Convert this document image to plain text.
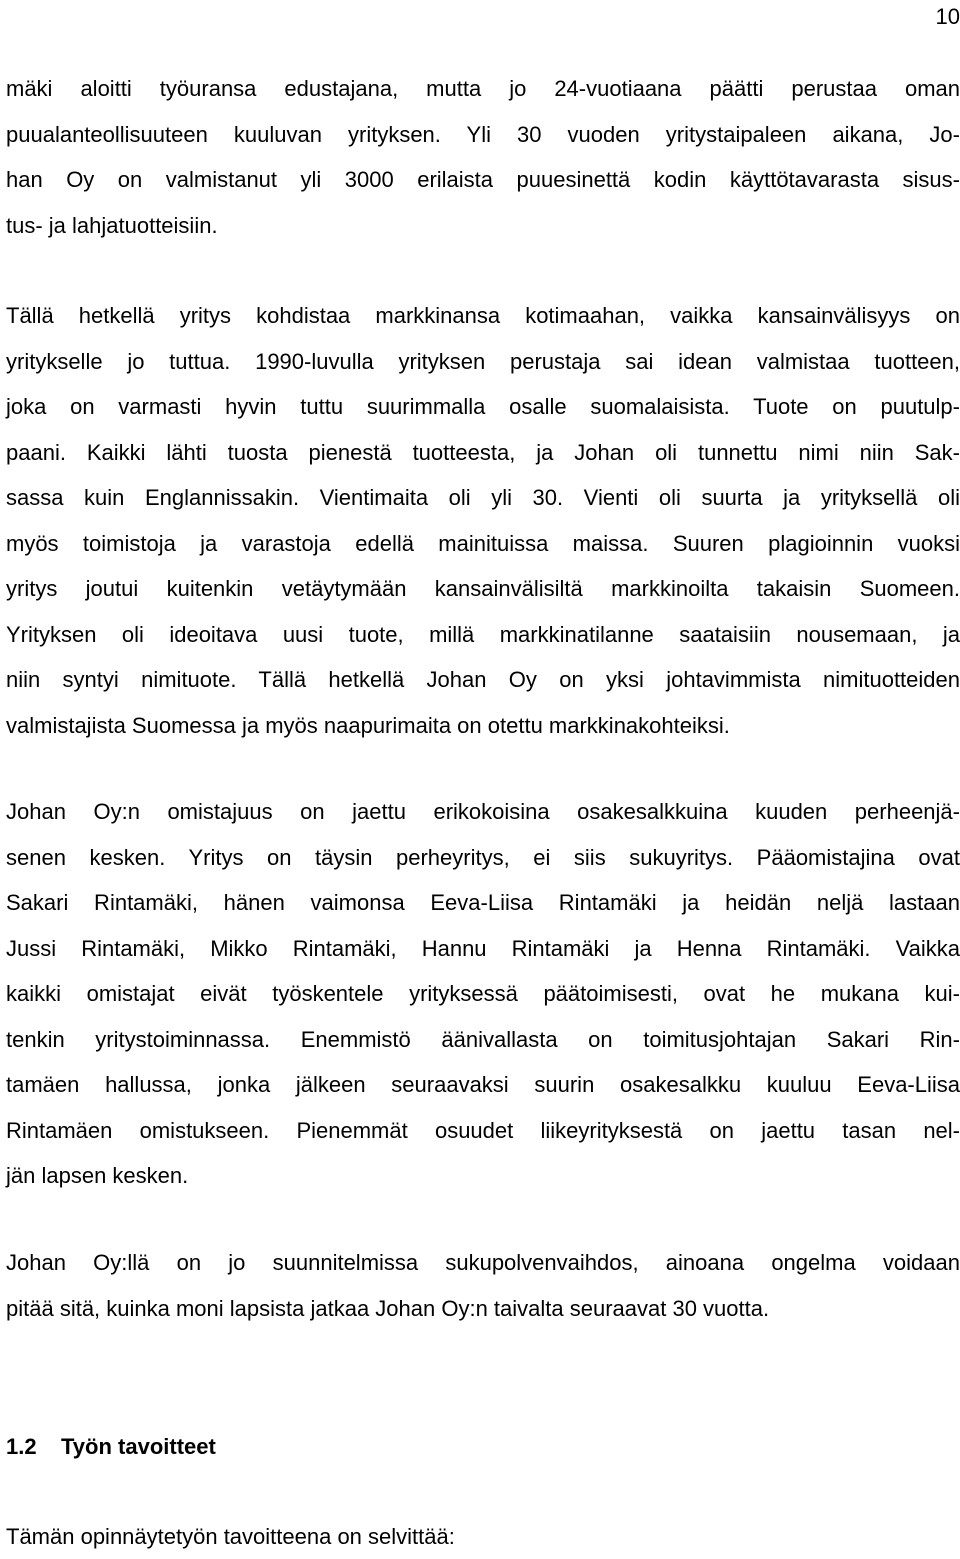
10

mäki aloitti työuransa edustajana, mutta jo 24-vuotiaana päätti perustaa oman
puualanteollisuuteen kuuluvan yrityksen. Yli 30 vuoden yritystaipaleen aikana, Jo-
han Oy on valmistanut yli 3000 erilaista puuesinettä kodin käyttötavarasta sisus-
tus- ja lahjatuotteisiin.

Tällä hetkellä yritys kohdistaa markkinansa kotimaahan, vaikka kansainvälisyys on
yritykselle jo tuttua. 1990-luvulla yrityksen perustaja sai idean valmistaa tuotteen,
joka on varmasti hyvin tuttu suurimmalla osalle suomalaisista. Tuote on puutulp-
paani. Kaikki lähti tuosta pienestä tuotteesta, ja Johan oli tunnettu nimi niin Sak-
sassa kuin Englannissakin. Vientimaita oli yli 30. Vienti oli suurta ja yrityksellä oli
myös toimistoja ja varastoja edellä mainituissa maissa. Suuren plagioinnin vuoksi
yritys joutui kuitenkin vetäytymään kansainvälisiltä markkinoilta takaisin Suomeen.
Yrityksen oli ideoitava uusi tuote, millä markkinatilanne saataisiin nousemaan, ja
niin syntyi nimituote. Tällä hetkellä Johan Oy on yksi johtavimmista nimituotteiden
valmistajista Suomessa ja myös naapurimaita on otettu markkinakohteiksi.

Johan Oy:n omistajuus on jaettu erikokoisina osakesalkkuina kuuden perheenjä-
senen kesken. Yritys on täysin perheyritys, ei siis sukuyritys. Pääomistajina ovat
Sakari Rintamäki, hänen vaimonsa Eeva-Liisa Rintamäki ja heidän neljä lastaan
Jussi Rintamäki, Mikko Rintamäki, Hannu Rintamäki ja Henna Rintamäki. Vaikka
kaikki omistajat eivät työskentele yrityksessä päätoimisesti, ovat he mukana kui-
tenkin yritystoiminnassa. Enemmistö äänivallasta on toimitusjohtajan Sakari Rin-
tamäen hallussa, jonka jälkeen seuraavaksi suurin osakesalkku kuuluu Eeva-Liisa
Rintamäen omistukseen. Pienemmät osuudet liikeyrityksestä on jaettu tasan nel-
jän lapsen kesken.

Johan Oy:llä on jo suunnitelmissa sukupolvenvaihdos, ainoana ongelma voidaan
pitää sitä, kuinka moni lapsista jatkaa Johan Oy:n taivalta seuraavat 30 vuotta.

1.2 Työn tavoitteet

Tämän opinnäytetyön tavoitteena on selvittää:
